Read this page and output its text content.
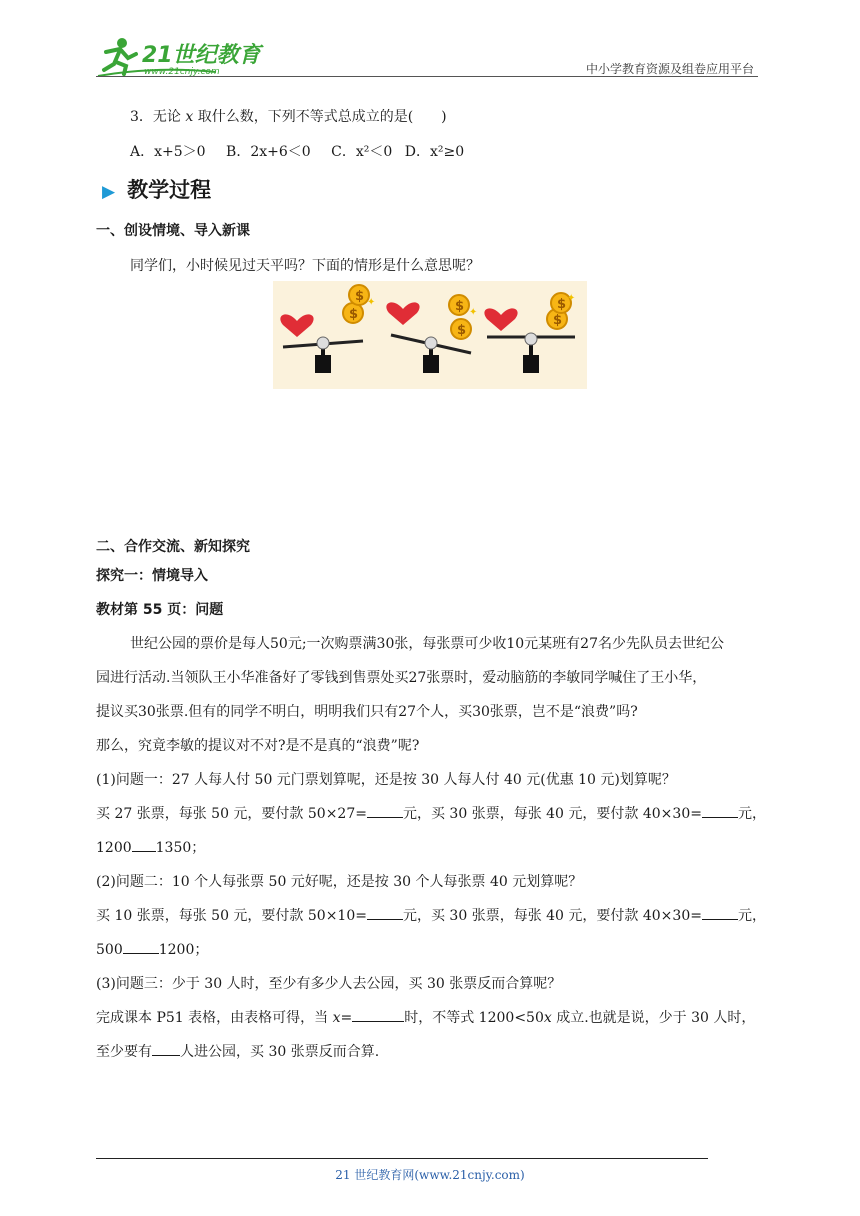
21世纪教育
www.21cnjy.com	中小学教育资源及组卷应用平台
3．无论 x 取什么数，下列不等式总成立的是(　　)
A．x+5＞0 B．2x+6＜0 C．x²＜0 D．x²≥0
▶ 教学过程
一、创设情境、导入新课
同学们，小时候见过天平吗？下面的情形是什么意思呢？
$
✦
✦
✦
二、合作交流、新知探究
探究一：情境导入
教材第 55 页：问题
世纪公园的票价是每人50元;一次购票满30张，每张票可少收10元某班有27名少先队员去世纪公
园进行活动.当领队王小华准备好了零钱到售票处买27张票时，爱动脑筋的李敏同学喊住了王小华，
提议买30张票.但有的同学不明白，明明我们只有27个人，买30张票，岂不是“浪费”吗?
那么，究竟李敏的提议对不对?是不是真的“浪费”呢?
(1)问题一：27 人每人付 50 元门票划算呢，还是按 30 人每人付 40 元(优惠 10 元)划算呢？
买 27 张票，每张 50 元，要付款 50×27=	元，买 30 张票，每张 40 元，要付款 40×30=	元，
1200 1350；
(2)问题二：10 个人每张票 50 元好呢，还是按 30 个人每张票 40 元划算呢？
买 10 张票，每张 50 元，要付款 50×10=	元，买 30 张票，每张 40 元，要付款 40×30=	元，
500	1200；
(3)问题三：少于 30 人时，至少有多少人去公园，买 30 张票反而合算呢？
完成课本 P51 表格，由表格可得，当 x=	时，不等式 1200<50x 成立.也就是说，少于 30 人时，
至少要有 人进公园，买 30 张票反而合算.
21 世纪教育网(www.21cnjy.com)
